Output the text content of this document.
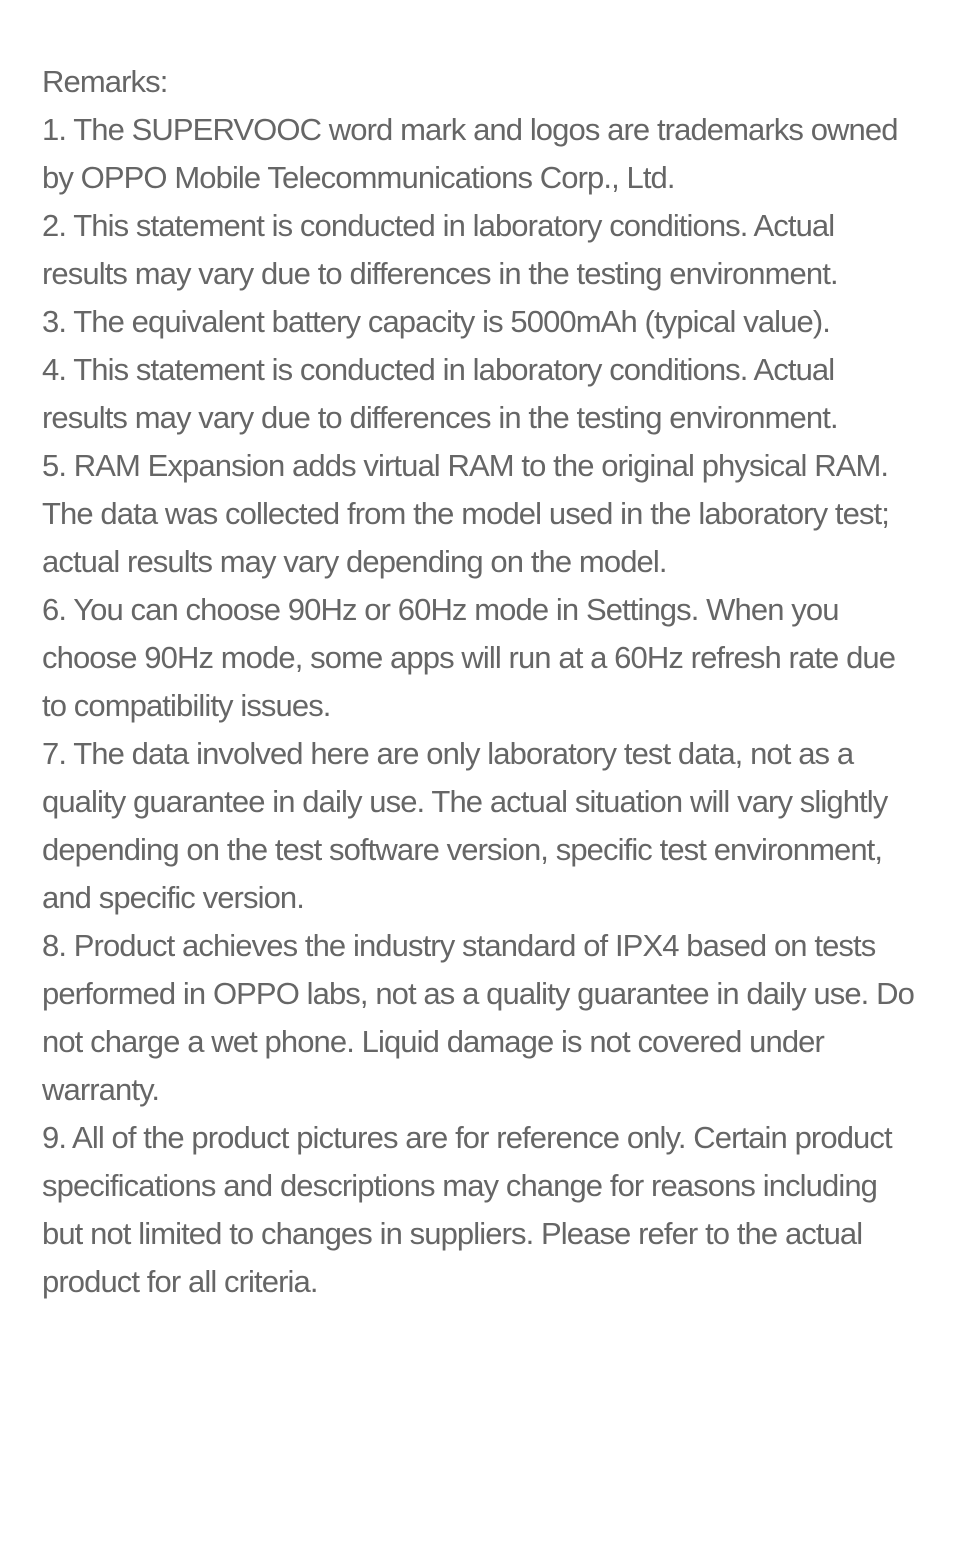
Remarks:
1. The SUPERVOOC word mark and logos are trademarks owned by OPPO Mobile Telecommunications Corp., Ltd.
2. This statement is conducted in laboratory conditions. Actual results may vary due to differences in the testing environment.
3. The equivalent battery capacity is 5000mAh (typical value).
4. This statement is conducted in laboratory conditions. Actual results may vary due to differences in the testing environment.
5. RAM Expansion adds virtual RAM to the original physical RAM. The data was collected from the model used in the laboratory test; actual results may vary depending on the model.
6. You can choose 90Hz or 60Hz mode in Settings. When you choose 90Hz mode, some apps will run at a 60Hz refresh rate due to compatibility issues.
7. The data involved here are only laboratory test data, not as a quality guarantee in daily use. The actual situation will vary slightly depending on the test software version, specific test environment, and specific version.
8. Product achieves the industry standard of IPX4 based on tests performed in OPPO labs, not as a quality guarantee in daily use. Do not charge a wet phone. Liquid damage is not covered under warranty.
9. All of the product pictures are for reference only. Certain product specifications and descriptions may change for reasons including but not limited to changes in suppliers. Please refer to the actual product for all criteria.
